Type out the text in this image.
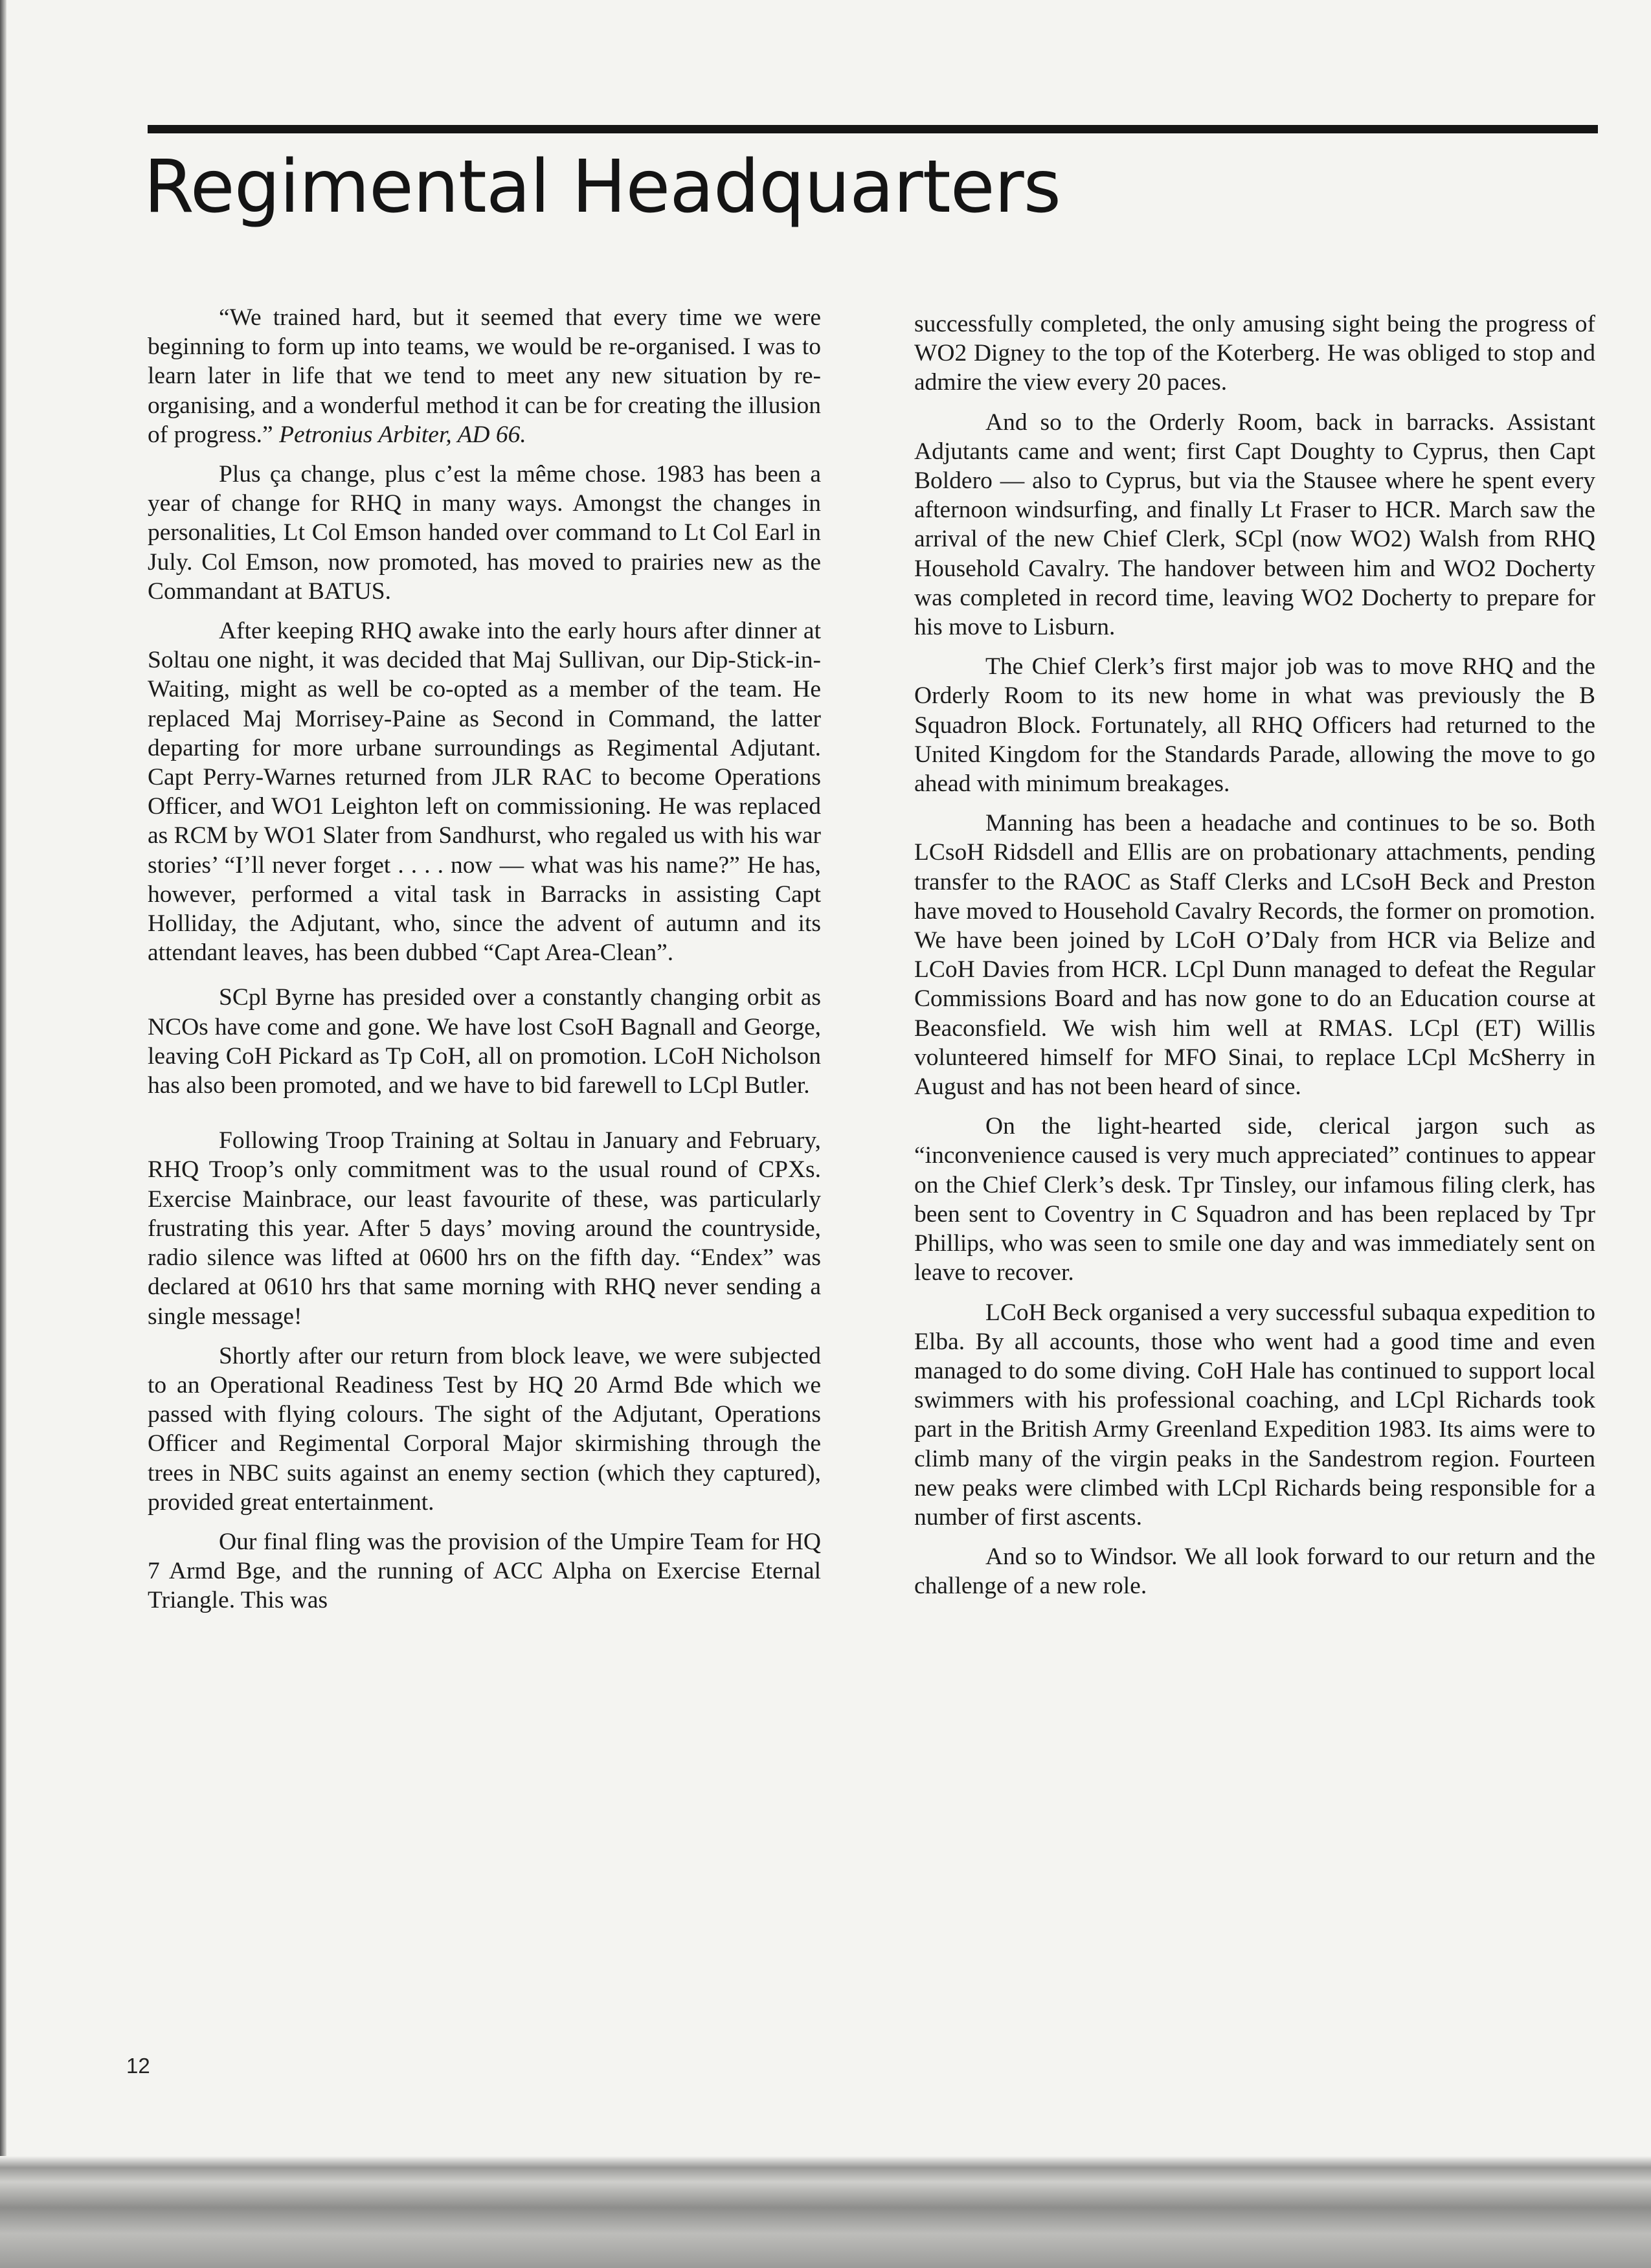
Regimental Headquarters

“We trained hard, but it seemed that every time we were beginning to form up into teams, we would be re-organised. I was to learn later in life that we tend to meet any new situation by re-organising, and a wonderful method it can be for creating the illusion of progress.” Petronius Arbiter, AD 66.

Plus ça change, plus c’est la même chose. 1983 has been a year of change for RHQ in many ways. Amongst the changes in personalities, Lt Col Emson handed over command to Lt Col Earl in July. Col Emson, now promoted, has moved to prairies new as the Commandant at BATUS.

After keeping RHQ awake into the early hours after dinner at Soltau one night, it was decided that Maj Sullivan, our Dip-Stick-in-Waiting, might as well be co-opted as a member of the team. He replaced Maj Morrisey-Paine as Second in Command, the latter departing for more urbane surroundings as Regimental Adjutant. Capt Perry-Warnes returned from JLR RAC to become Operations Officer, and WO1 Leighton left on commissioning. He was replaced as RCM by WO1 Slater from Sandhurst, who regaled us with his war stories’ “I’ll never forget . . . . now — what was his name?” He has, however, performed a vital task in Barracks in assisting Capt Holliday, the Adjutant, who, since the advent of autumn and its attendant leaves, has been dubbed “Capt Area-Clean”.

SCpl Byrne has presided over a constantly changing orbit as NCOs have come and gone. We have lost CsoH Bagnall and George, leaving CoH Pickard as Tp CoH, all on promotion. LCoH Nicholson has also been promoted, and we have to bid farewell to LCpl Butler.

Following Troop Training at Soltau in January and February, RHQ Troop’s only commitment was to the usual round of CPXs. Exercise Mainbrace, our least favourite of these, was particularly frustrating this year. After 5 days’ moving around the countryside, radio silence was lifted at 0600 hrs on the fifth day. “Endex” was declared at 0610 hrs that same morning with RHQ never sending a single message!

Shortly after our return from block leave, we were subjected to an Operational Readiness Test by HQ 20 Armd Bde which we passed with flying colours. The sight of the Adjutant, Operations Officer and Regimental Corporal Major skirmishing through the trees in NBC suits against an enemy section (which they captured), provided great entertainment.

Our final fling was the provision of the Umpire Team for HQ 7 Armd Bge, and the running of ACC Alpha on Exercise Eternal Triangle. This was

successfully completed, the only amusing sight being the progress of WO2 Digney to the top of the Koterberg. He was obliged to stop and admire the view every 20 paces.

And so to the Orderly Room, back in barracks. Assistant Adjutants came and went; first Capt Doughty to Cyprus, then Capt Boldero — also to Cyprus, but via the Stausee where he spent every afternoon windsurfing, and finally Lt Fraser to HCR. March saw the arrival of the new Chief Clerk, SCpl (now WO2) Walsh from RHQ Household Cavalry. The handover between him and WO2 Docherty was completed in record time, leaving WO2 Docherty to prepare for his move to Lisburn.

The Chief Clerk’s first major job was to move RHQ and the Orderly Room to its new home in what was previously the B Squadron Block. Fortunately, all RHQ Officers had returned to the United Kingdom for the Standards Parade, allowing the move to go ahead with minimum breakages.

Manning has been a headache and continues to be so. Both LCsoH Ridsdell and Ellis are on probationary attachments, pending transfer to the RAOC as Staff Clerks and LCsoH Beck and Preston have moved to Household Cavalry Records, the former on promotion. We have been joined by LCoH O’Daly from HCR via Belize and LCoH Davies from HCR. LCpl Dunn managed to defeat the Regular Commissions Board and has now gone to do an Education course at Beaconsfield. We wish him well at RMAS. LCpl (ET) Willis volunteered himself for MFO Sinai, to replace LCpl McSherry in August and has not been heard of since.

On the light-hearted side, clerical jargon such as “inconvenience caused is very much appreciated” continues to appear on the Chief Clerk’s desk. Tpr Tinsley, our infamous filing clerk, has been sent to Coventry in C Squadron and has been replaced by Tpr Phillips, who was seen to smile one day and was immediately sent on leave to recover.

LCoH Beck organised a very successful subaqua expedition to Elba. By all accounts, those who went had a good time and even managed to do some diving. CoH Hale has continued to support local swimmers with his professional coaching, and LCpl Richards took part in the British Army Greenland Expedition 1983. Its aims were to climb many of the virgin peaks in the Sandestrom region. Fourteen new peaks were climbed with LCpl Richards being responsible for a number of first ascents.

And so to Windsor. We all look forward to our return and the challenge of a new role.

12
